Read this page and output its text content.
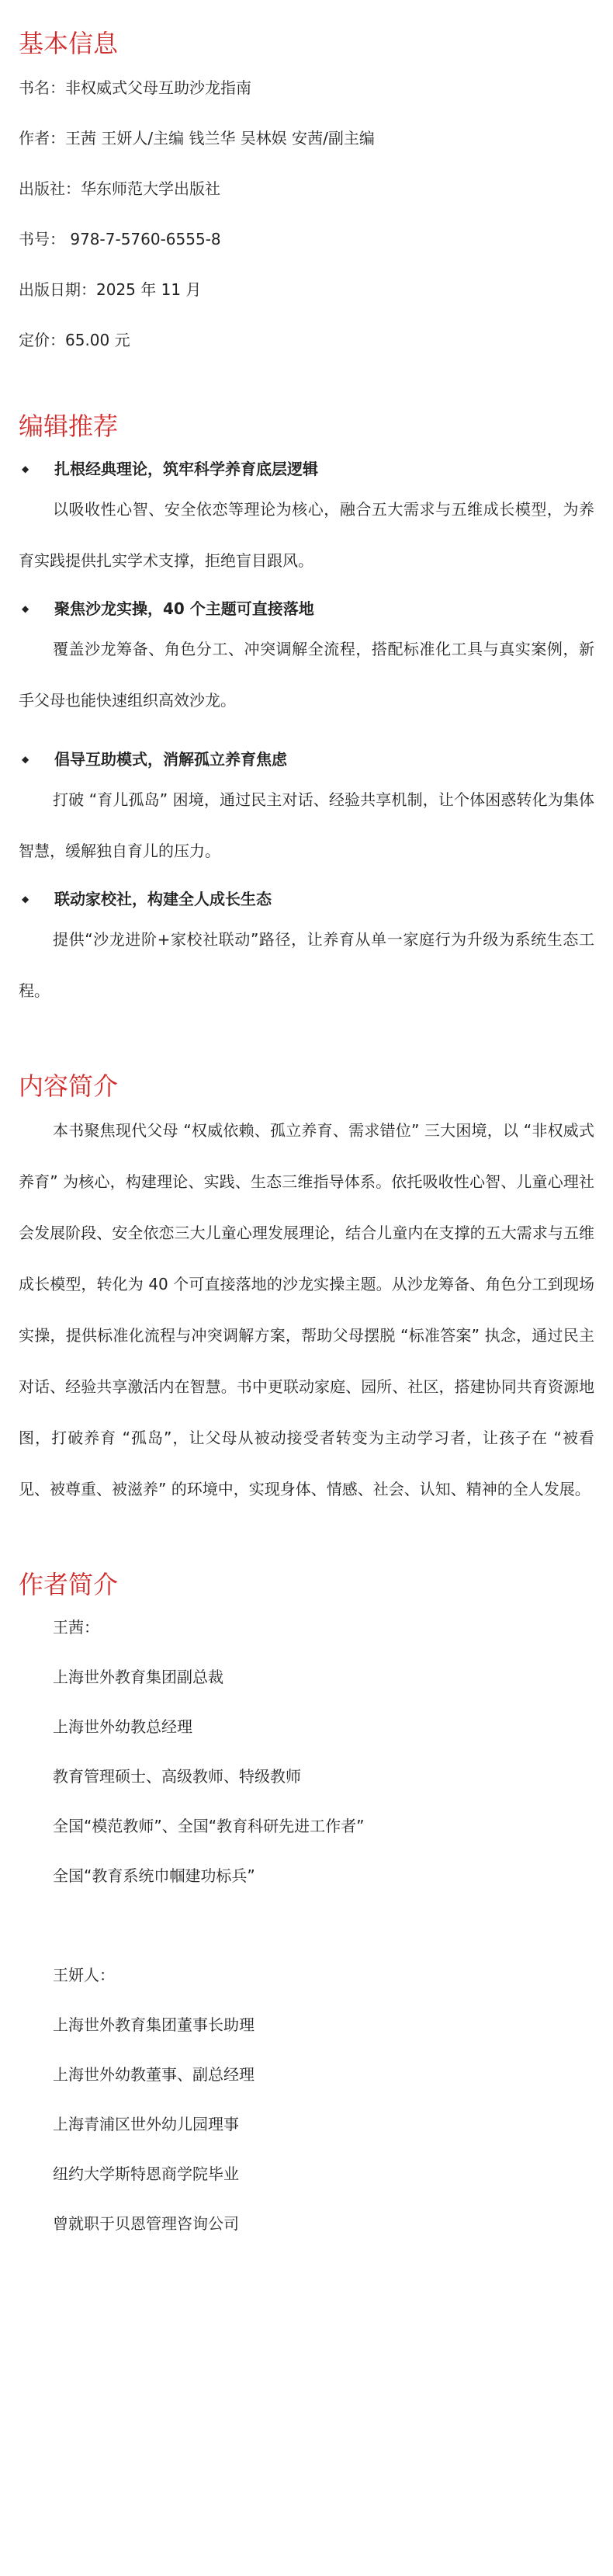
基本信息

书名：非权威式父母互助沙龙指南

作者：王茜 王妍人/主编 钱兰华 吴林娱 安茜/副主编

出版社：华东师范大学出版社

书号： 978-7-5760-6555-8

出版日期：2025 年 11 月

定价：65.00 元

编辑推荐

◆	扎根经典理论，筑牢科学养育底层逻辑

以吸收性心智、安全依恋等理论为核心，融合五大需求与五维成长模型，为养育实践提供扎实学术支撑，拒绝盲目跟风。

◆	聚焦沙龙实操，40 个主题可直接落地

覆盖沙龙筹备、角色分工、冲突调解全流程，搭配标准化工具与真实案例，新手父母也能快速组织高效沙龙。

◆	倡导互助模式，消解孤立养育焦虑

打破 “育儿孤岛” 困境，通过民主对话、经验共享机制，让个体困惑转化为集体智慧，缓解独自育儿的压力。

◆	联动家校社，构建全人成长生态

提供“沙龙进阶+家校社联动”路径，让养育从单一家庭行为升级为系统生态工程。

内容简介

本书聚焦现代父母 “权威依赖、孤立养育、需求错位” 三大困境，以 “非权威式养育” 为核心，构建理论、实践、生态三维指导体系。依托吸收性心智、儿童心理社会发展阶段、安全依恋三大儿童心理发展理论，结合儿童内在支撑的五大需求与五维成长模型，转化为 40 个可直接落地的沙龙实操主题。从沙龙筹备、角色分工到现场实操，提供标准化流程与冲突调解方案，帮助父母摆脱 “标准答案” 执念，通过民主对话、经验共享激活内在智慧。书中更联动家庭、园所、社区，搭建协同共育资源地图，打破养育 “孤岛”，让父母从被动接受者转变为主动学习者，让孩子在 “被看见、被尊重、被滋养” 的环境中，实现身体、情感、社会、认知、精神的全人发展。

作者简介

王茜：

上海世外教育集团副总裁

上海世外幼教总经理

教育管理硕士、高级教师、特级教师

全国“模范教师”、全国“教育科研先进工作者”

全国“教育系统巾帼建功标兵”

王妍人：

上海世外教育集团董事长助理

上海世外幼教董事、副总经理

上海青浦区世外幼儿园理事

纽约大学斯特恩商学院毕业

曾就职于贝恩管理咨询公司
